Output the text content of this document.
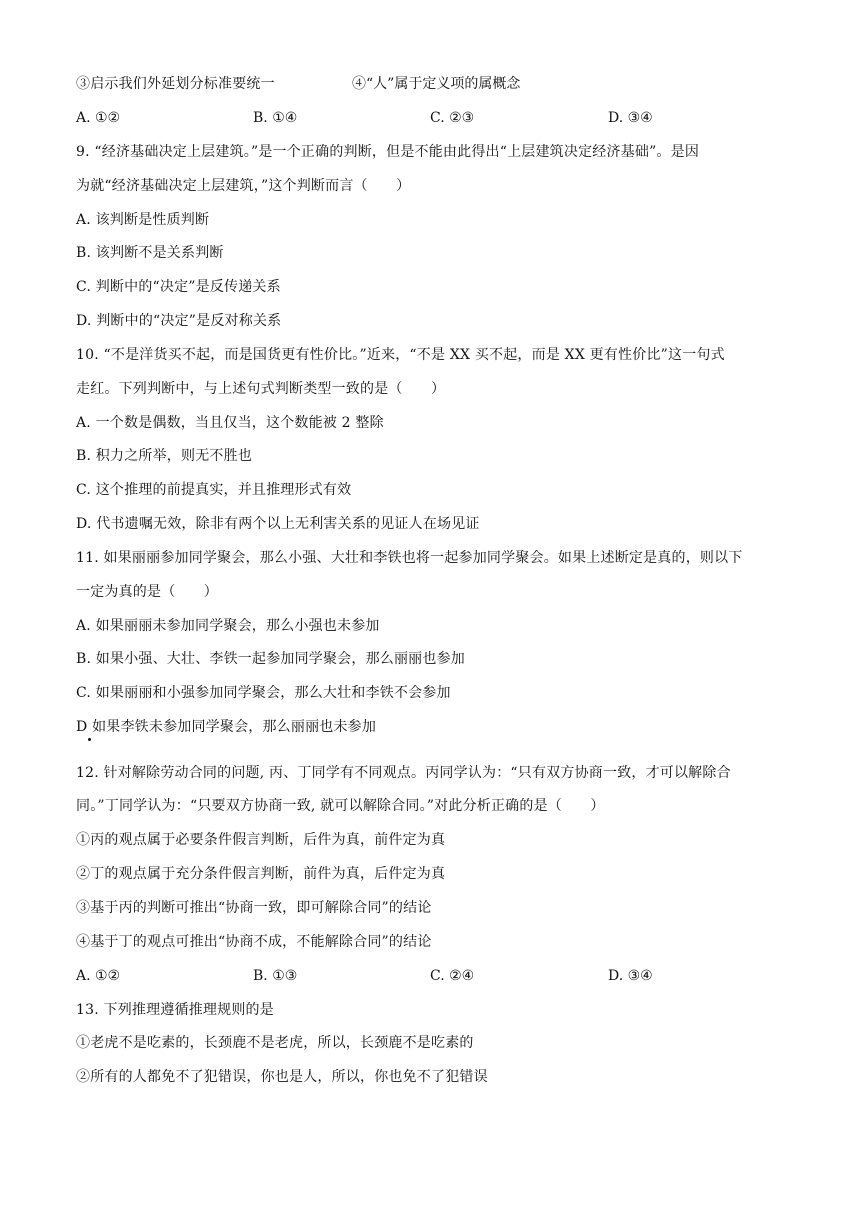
③启示我们外延划分标准要统一	④“人”属于定义项的属概念
A. ①②	B. ①④	C. ②③	D. ③④
9. “经济基础决定上层建筑。”是一个正确的判断，但是不能由此得出“上层建筑决定经济基础”。是因
为就“经济基础决定上层建筑，”这个判断而言（　　）
A. 该判断是性质判断
B. 该判断不是关系判断
C. 判断中的“决定”是反传递关系
D. 判断中的“决定”是反对称关系
10. “不是洋货买不起，而是国货更有性价比。”近来，“不是 XX 买不起，而是 XX 更有性价比”这一句式
走红。下列判断中，与上述句式判断类型一致的是（　　）
A. 一个数是偶数，当且仅当，这个数能被 2 整除
B. 积力之所举，则无不胜也
C. 这个推理的前提真实，并且推理形式有效
D. 代书遗嘱无效，除非有两个以上无利害关系的见证人在场见证
11. 如果丽丽参加同学聚会，那么小强、大壮和李铁也将一起参加同学聚会。如果上述断定是真的，则以下
一定为真的是（　　）
A. 如果丽丽未参加同学聚会，那么小强也未参加
B. 如果小强、大壮、李铁一起参加同学聚会，那么丽丽也参加
C. 如果丽丽和小强参加同学聚会，那么大壮和李铁不会参加
D 如果李铁未参加同学聚会，那么丽丽也未参加
12. 针对解除劳动合同的问题, 丙、丁同学有不同观点。丙同学认为：“只有双方协商一致，才可以解除合
同。”丁同学认为：“只要双方协商一致, 就可以解除合同。”对此分析正确的是（　　）
①丙的观点属于必要条件假言判断，后件为真，前件定为真
②丁的观点属于充分条件假言判断，前件为真，后件定为真
③基于丙的判断可推出“协商一致，即可解除合同”的结论
④基于丁的观点可推出“协商不成，不能解除合同”的结论
A. ①②	B. ①③	C. ②④	D. ③④
13. 下列推理遵循推理规则的是
①老虎不是吃素的，长颈鹿不是老虎，所以，长颈鹿不是吃素的
②所有的人都免不了犯错误，你也是人，所以，你也免不了犯错误
